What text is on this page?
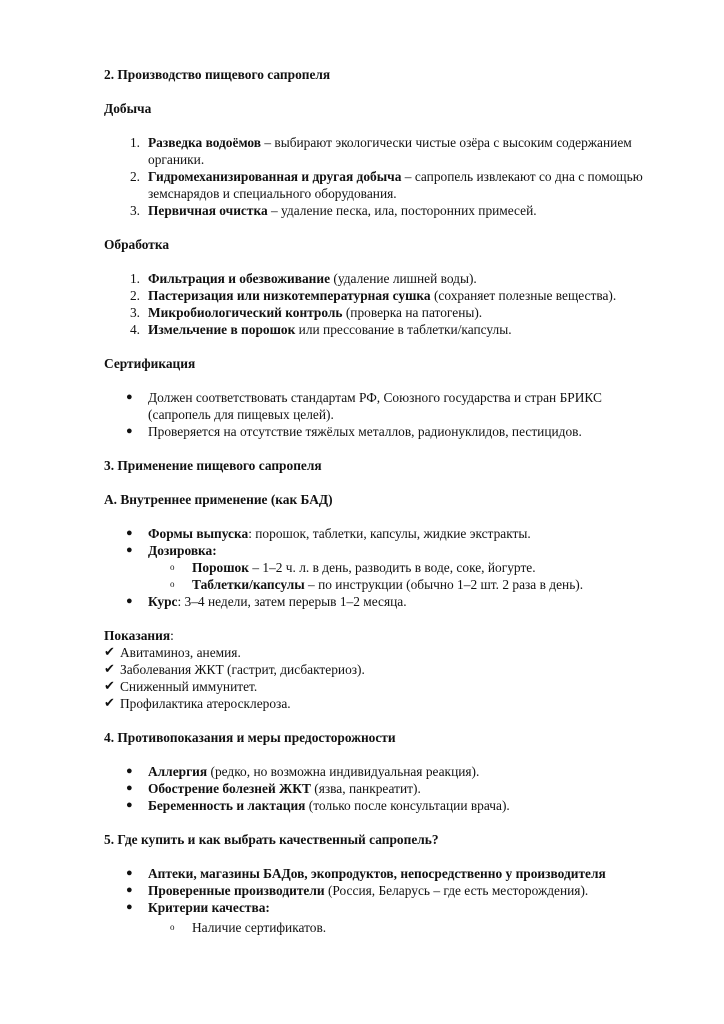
2. Производство пищевого сапропеля
Добыча
1. Разведка водоёмов – выбирают экологически чистые озёра с высоким содержанием органики.
2. Гидромеханизированная и другая добыча – сапропель извлекают со дна с помощью земснарядов и специального оборудования.
3. Первичная очистка – удаление песка, ила, посторонних примесей.
Обработка
1. Фильтрация и обезвоживание (удаление лишней воды).
2. Пастеризация или низкотемпературная сушка (сохраняет полезные вещества).
3. Микробиологический контроль (проверка на патогены).
4. Измельчение в порошок или прессование в таблетки/капсулы.
Сертификация
● Должен соответствовать стандартам РФ, Союзного государства и стран БРИКС (сапропель для пищевых целей).
● Проверяется на отсутствие тяжёлых металлов, радионуклидов, пестицидов.
3. Применение пищевого сапропеля
А. Внутреннее применение (как БАД)
● Формы выпуска: порошок, таблетки, капсулы, жидкие экстракты.
● Дозировка:
o Порошок – 1–2 ч. л. в день, разводить в воде, соке, йогурте.
o Таблетки/капсулы – по инструкции (обычно 1–2 шт. 2 раза в день).
● Курс: 3–4 недели, затем перерыв 1–2 месяца.
Показания:
✔ Авитаминоз, анемия.
✔ Заболевания ЖКТ (гастрит, дисбактериоз).
✔ Сниженный иммунитет.
✔ Профилактика атеросклероза.
4. Противопоказания и меры предосторожности
● Аллергия (редко, но возможна индивидуальная реакция).
● Обострение болезней ЖКТ (язва, панкреатит).
● Беременность и лактация (только после консультации врача).
5. Где купить и как выбрать качественный сапропель?
● Аптеки, магазины БАДов, экопродуктов, непосредственно у производителя
● Проверенные производители (Россия, Беларусь – где есть месторождения).
● Критерии качества:
o Наличие сертификатов.
